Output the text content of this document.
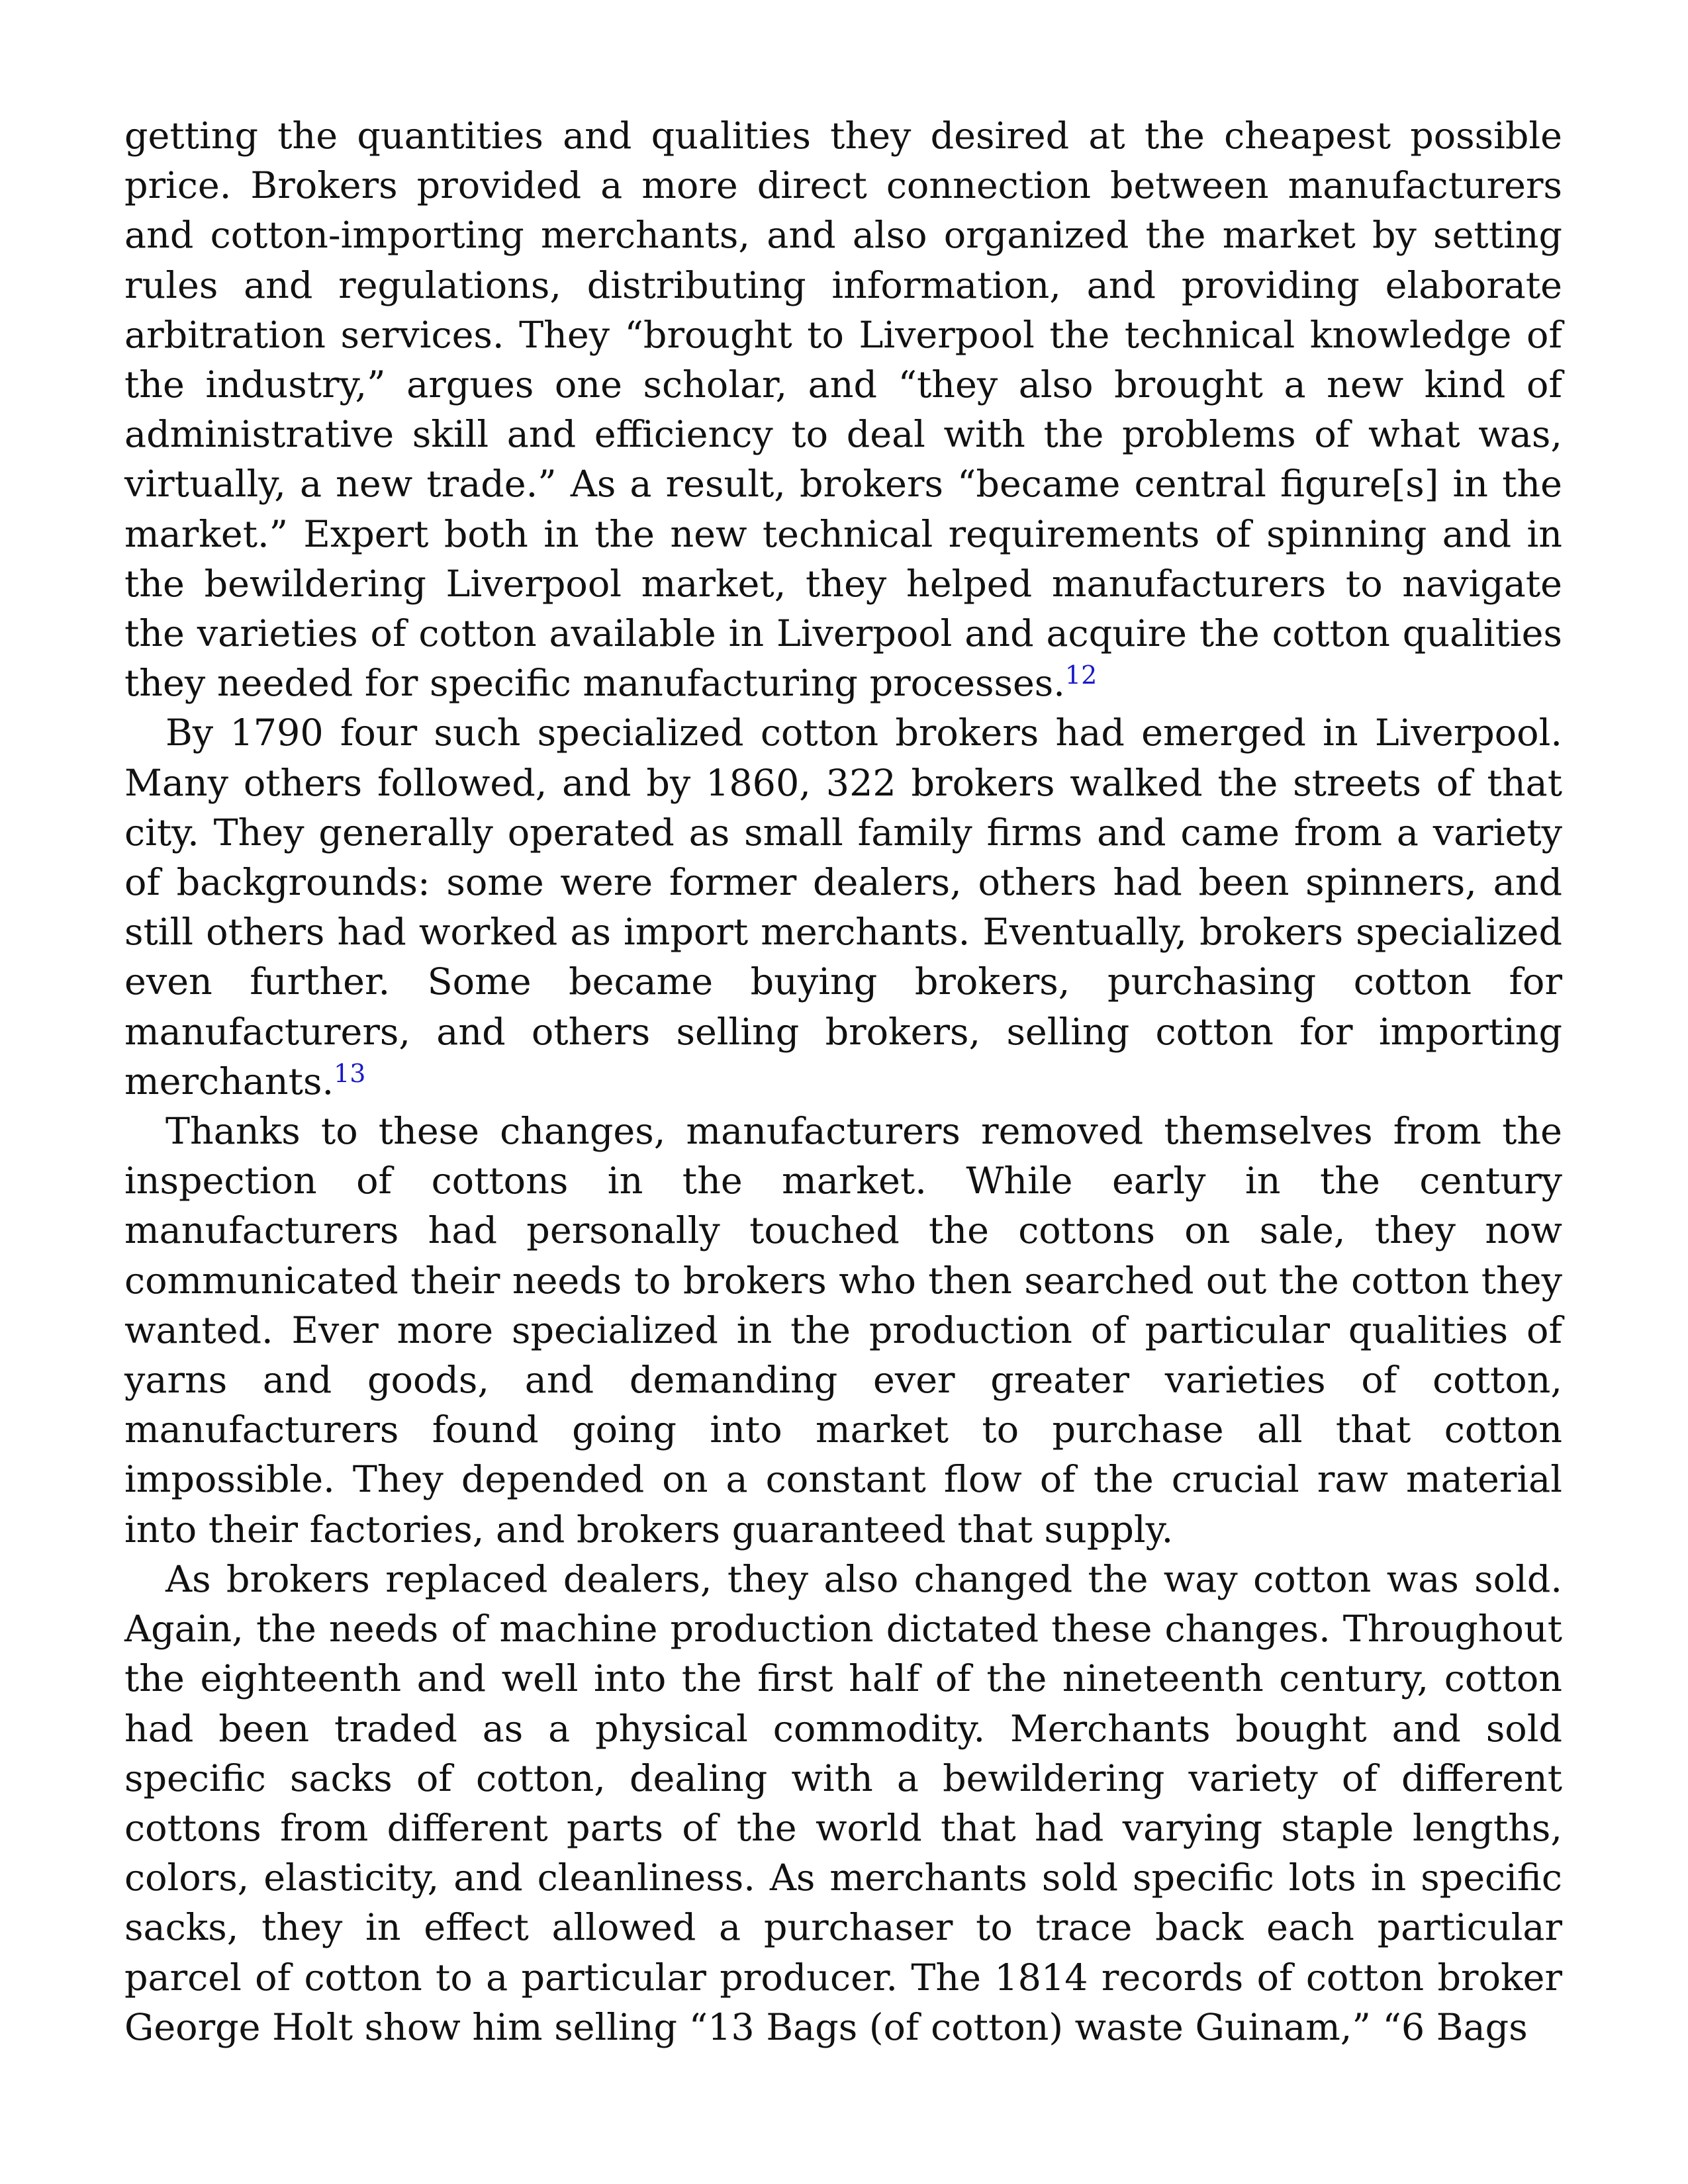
getting the quantities and qualities they desired at the cheapest possible price. Brokers provided a more direct connection between manufacturers and cotton-importing merchants, and also organized the market by setting rules and regulations, distributing information, and providing elaborate arbitration services. They “brought to Liverpool the technical knowledge of the industry,” argues one scholar, and “they also brought a new kind of administrative skill and efficiency to deal with the problems of what was, virtually, a new trade.” As a result, brokers “became central figure[s] in the market.” Expert both in the new technical requirements of spinning and in the bewildering Liverpool market, they helped manufacturers to navigate the varieties of cotton available in Liverpool and acquire the cotton qualities they needed for specific manufacturing processes.$^{12}$

By 1790 four such specialized cotton brokers had emerged in Liverpool. Many others followed, and by 1860, 322 brokers walked the streets of that city. They generally operated as small family firms and came from a variety of backgrounds: some were former dealers, others had been spinners, and still others had worked as import merchants. Eventually, brokers specialized even further. Some became buying brokers, purchasing cotton for manufacturers, and others selling brokers, selling cotton for importing merchants.$^{13}$

Thanks to these changes, manufacturers removed themselves from the inspection of cottons in the market. While early in the century manufacturers had personally touched the cottons on sale, they now communicated their needs to brokers who then searched out the cotton they wanted. Ever more specialized in the production of particular qualities of yarns and goods, and demanding ever greater varieties of cotton, manufacturers found going into market to purchase all that cotton impossible. They depended on a constant flow of the crucial raw material into their factories, and brokers guaranteed that supply.

As brokers replaced dealers, they also changed the way cotton was sold. Again, the needs of machine production dictated these changes. Throughout the eighteenth and well into the first half of the nineteenth century, cotton had been traded as a physical commodity. Merchants bought and sold specific sacks of cotton, dealing with a bewildering variety of different cottons from different parts of the world that had varying staple lengths, colors, elasticity, and cleanliness. As merchants sold specific lots in specific sacks, they in effect allowed a purchaser to trace back each particular parcel of cotton to a particular producer. The 1814 records of cotton broker George Holt show him selling “13 Bags (of cotton) waste Guinam,” “6 Bags
